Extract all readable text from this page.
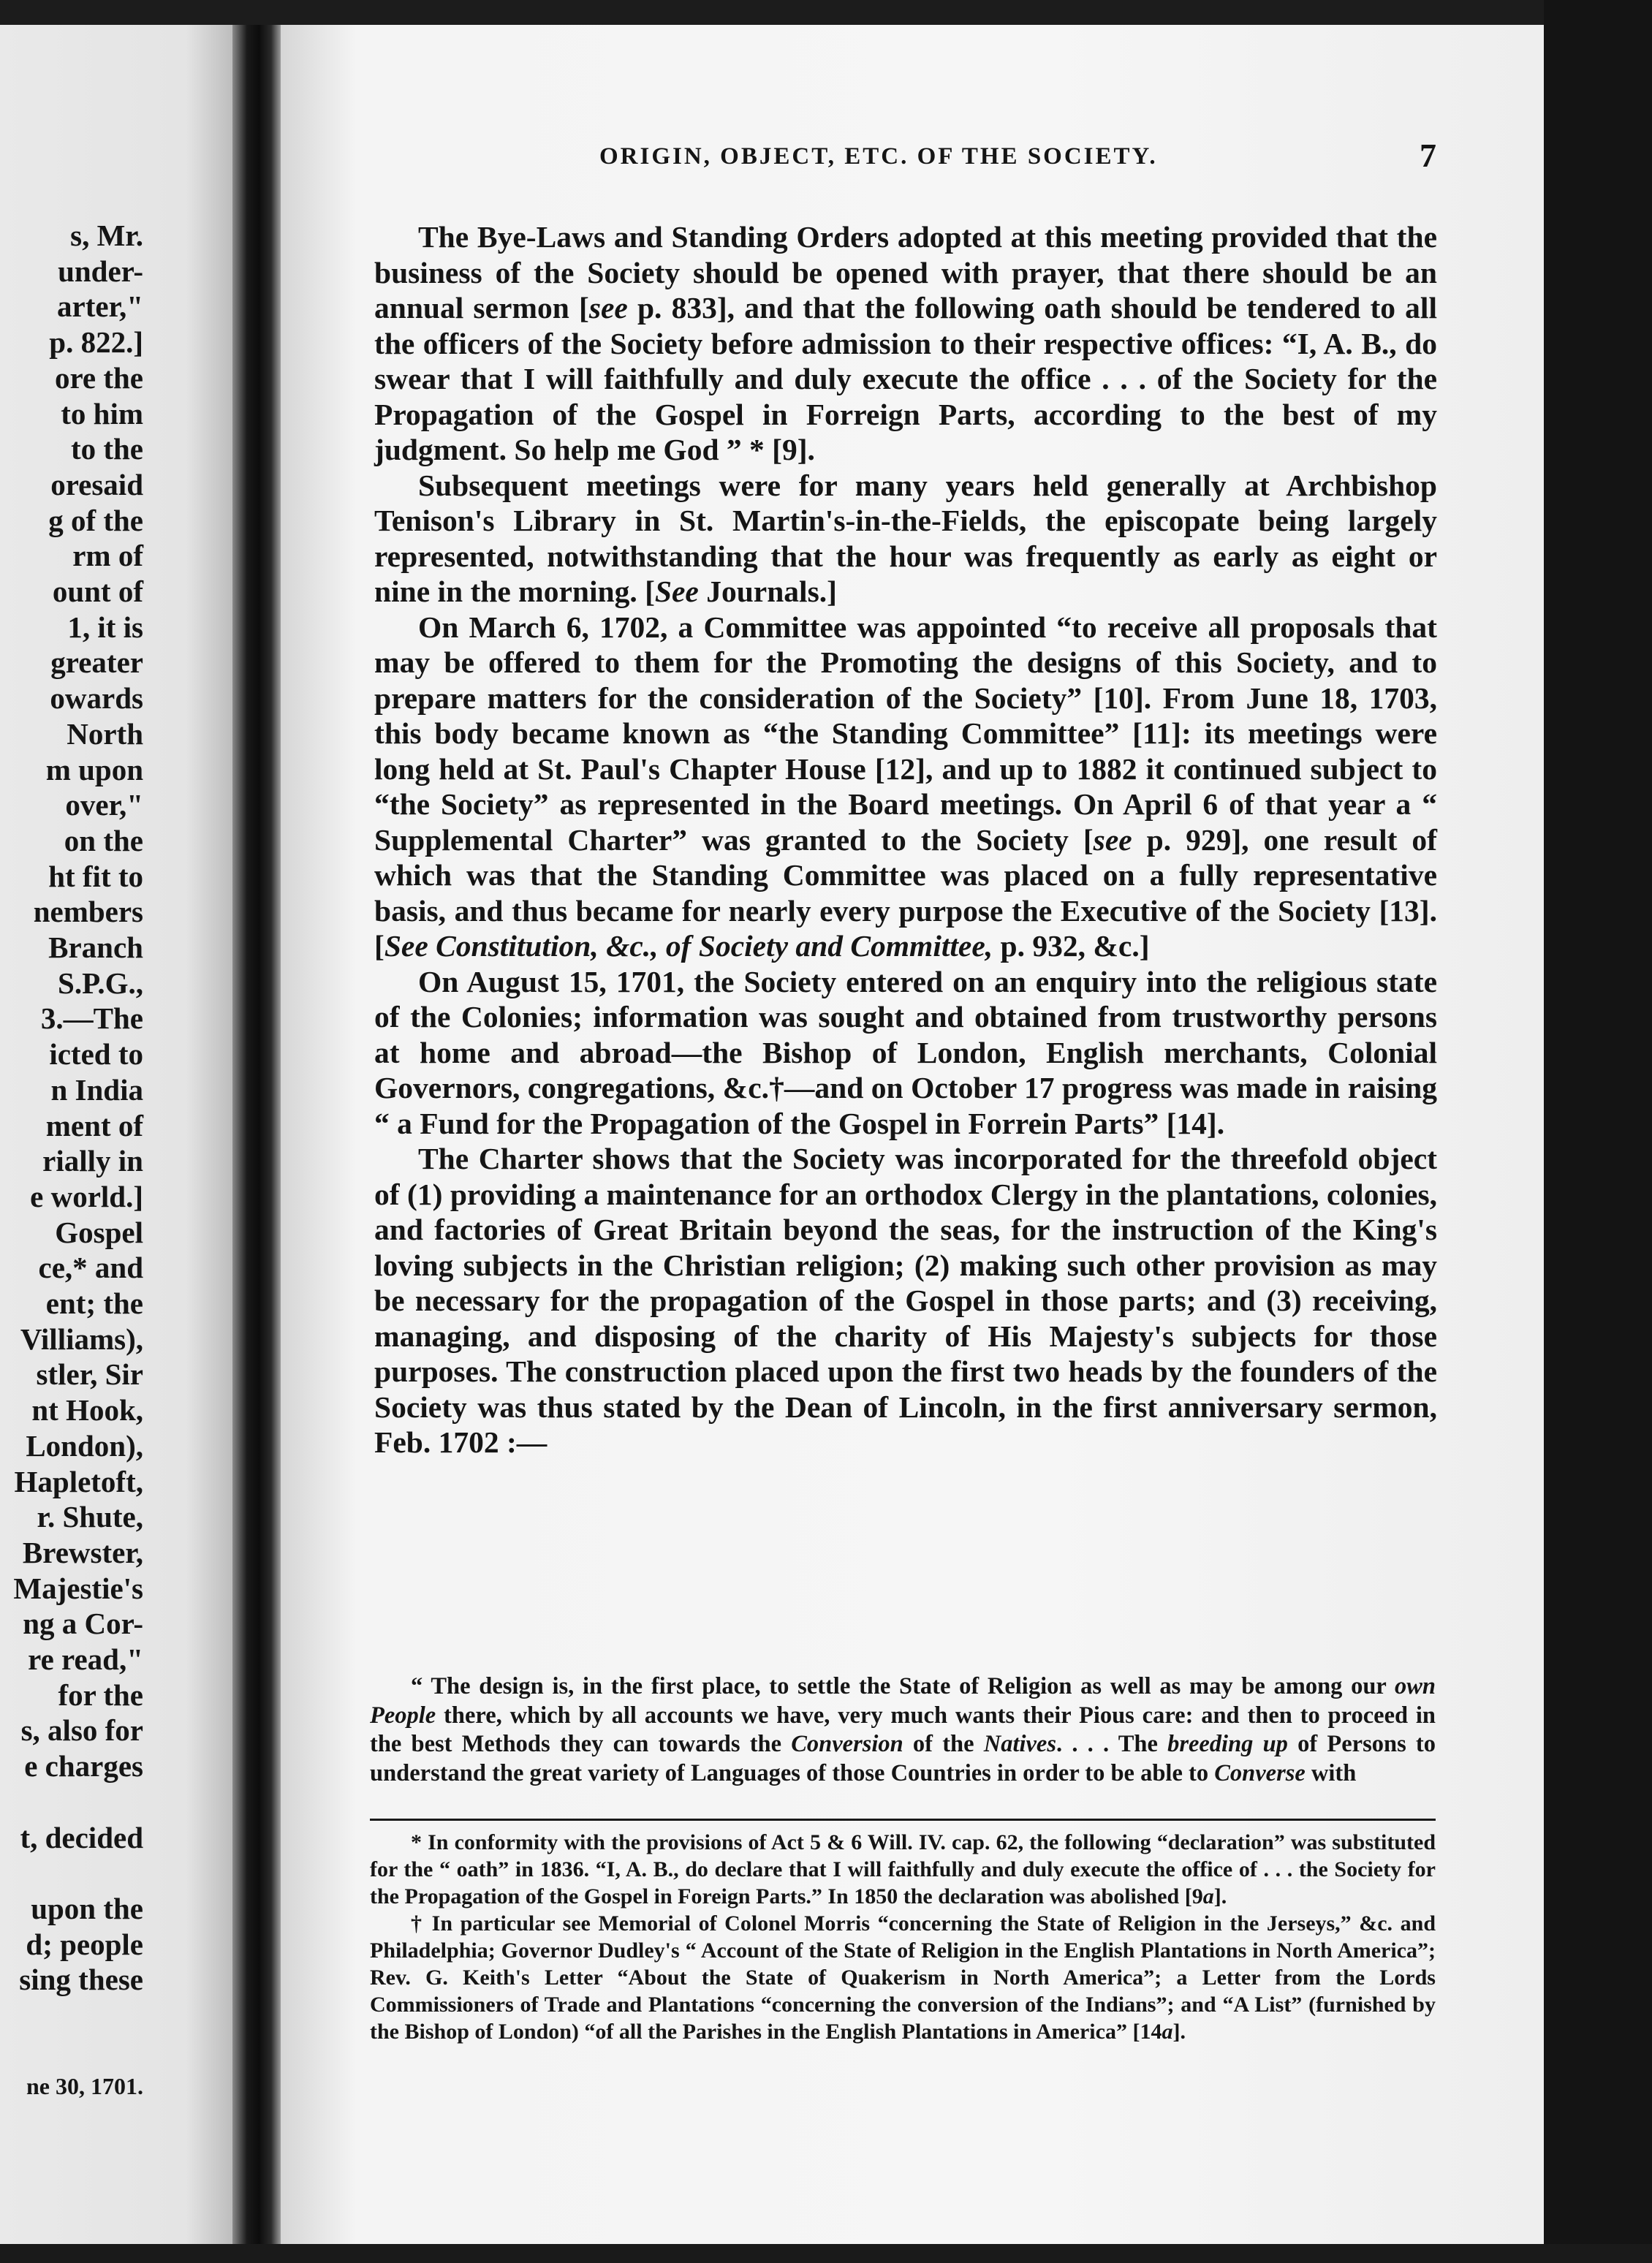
s, Mr.
under-
arter,"
p. 822.]
ore the
to him
to the
oresaid
g of the
rm of
ount of
1, it is
greater
owards
North
m upon
over,"
on the
ht fit to
nembers
Branch
S.P.G.,
3.—The
icted to
n India
ment of
rially in
e world.]
Gospel
ce,* and
ent; the
Villiams),
stler, Sir
nt Hook,
London),
Hapletoft,
r. Shute,
Brewster,
Majestie's
ng a Cor-
re read,"
for the
s, also for
e charges
t, decided
upon the
d; people
sing these
ne 30, 1701.
ORIGIN, OBJECT, ETC. OF THE SOCIETY.	7

The Bye-Laws and Standing Orders adopted at this meeting provided that the business of the Society should be opened with prayer, that there should be an annual sermon [see p. 833], and that the following oath should be tendered to all the officers of the Society before admission to their respective offices: “I, A. B., do swear that I will faithfully and duly execute the office . . . of the Society for the Propagation of the Gospel in Forreign Parts, according to the best of my judgment. So help me God ” * [9].

Subsequent meetings were for many years held generally at Archbishop Tenison's Library in St. Martin's-in-the-Fields, the episcopate being largely represented, notwithstanding that the hour was frequently as early as eight or nine in the morning. [See Journals.]

On March 6, 1702, a Committee was appointed “to receive all proposals that may be offered to them for the Promoting the designs of this Society, and to prepare matters for the consideration of the Society” [10]. From June 18, 1703, this body became known as “the Standing Committee” [11]: its meetings were long held at St. Paul's Chapter House [12], and up to 1882 it continued subject to “the Society” as represented in the Board meetings. On April 6 of that year a “ Supplemental Charter” was granted to the Society [see p. 929], one result of which was that the Standing Committee was placed on a fully representative basis, and thus became for nearly every purpose the Executive of the Society [13]. [See Constitution, &c., of Society and Committee, p. 932, &c.]

On August 15, 1701, the Society entered on an enquiry into the religious state of the Colonies; information was sought and obtained from trustworthy persons at home and abroad—the Bishop of London, English merchants, Colonial Governors, congregations, &c.†—and on October 17 progress was made in raising “ a Fund for the Propagation of the Gospel in Forrein Parts” [14].

The Charter shows that the Society was incorporated for the threefold object of (1) providing a maintenance for an orthodox Clergy in the plantations, colonies, and factories of Great Britain beyond the seas, for the instruction of the King's loving subjects in the Christian religion; (2) making such other provision as may be necessary for the propagation of the Gospel in those parts; and (3) receiving, managing, and disposing of the charity of His Majesty's subjects for those purposes. The construction placed upon the first two heads by the founders of the Society was thus stated by the Dean of Lincoln, in the first anniversary sermon, Feb. 1702 :—

“ The design is, in the first place, to settle the State of Religion as well as may be among our own People there, which by all accounts we have, very much wants their Pious care: and then to proceed in the best Methods they can towards the Conversion of the Natives. . . . The breeding up of Persons to understand the great variety of Languages of those Countries in order to be able to Converse with

* In conformity with the provisions of Act 5 & 6 Will. IV. cap. 62, the following “declaration” was substituted for the “ oath” in 1836. “I, A. B., do declare that I will faithfully and duly execute the office of . . . the Society for the Propagation of the Gospel in Foreign Parts.” In 1850 the declaration was abolished [9a].

† In particular see Memorial of Colonel Morris “concerning the State of Religion in the Jerseys,” &c. and Philadelphia; Governor Dudley's “ Account of the State of Religion in the English Plantations in North America”; Rev. G. Keith's Letter “About the State of Quakerism in North America”; a Letter from the Lords Commissioners of Trade and Plantations “concerning the conversion of the Indians”; and “A List” (furnished by the Bishop of London) “of all the Parishes in the English Plantations in America” [14a].
